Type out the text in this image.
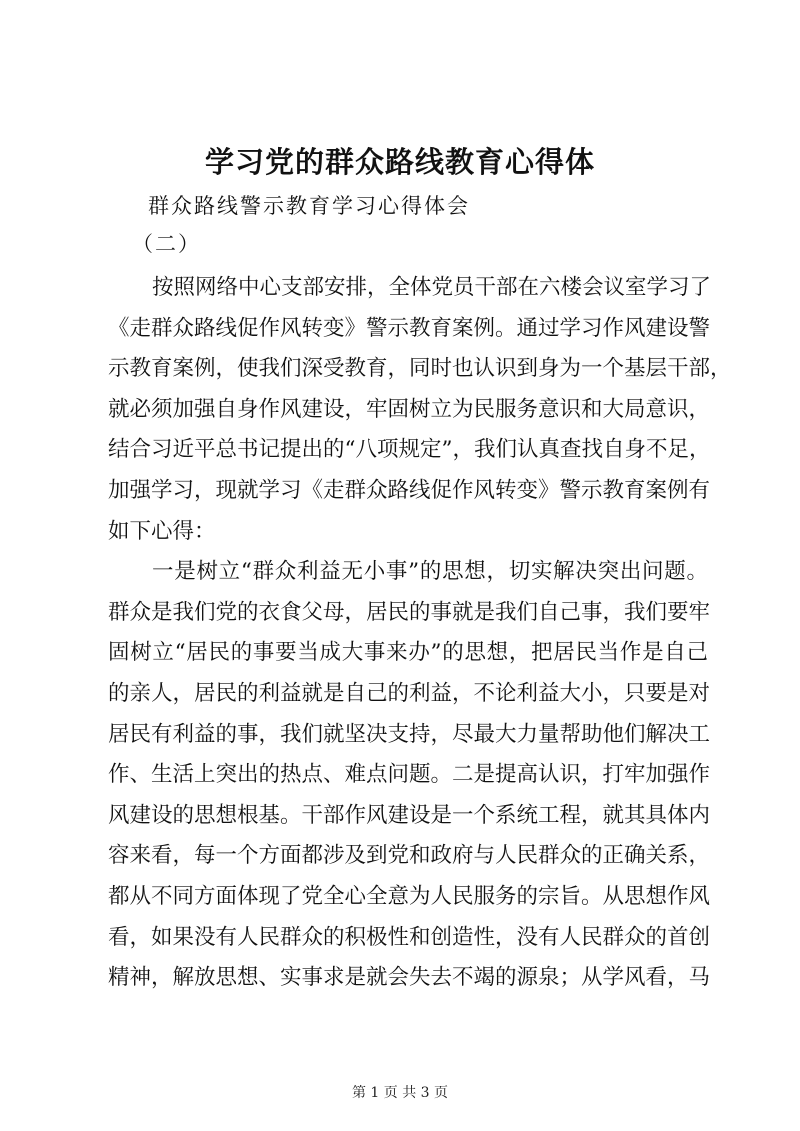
学习党的群众路线教育心得体
群众路线警示教育学习心得体会
（二）
按照网络中心支部安排，全体党员干部在六楼会议室学习了
《走群众路线促作风转变》警示教育案例。通过学习作风建设警
示教育案例，使我们深受教育，同时也认识到身为一个基层干部，
就必须加强自身作风建设，牢固树立为民服务意识和大局意识，
结合习近平总书记提出的“八项规定”，我们认真查找自身不足，
加强学习，现就学习《走群众路线促作风转变》警示教育案例有
如下心得：
一是树立“群众利益无小事”的思想，切实解决突出问题。
群众是我们党的衣食父母，居民的事就是我们自己事，我们要牢
固树立“居民的事要当成大事来办”的思想，把居民当作是自己
的亲人，居民的利益就是自己的利益，不论利益大小，只要是对
居民有利益的事，我们就坚决支持，尽最大力量帮助他们解决工
作、生活上突出的热点、难点问题。二是提高认识，打牢加强作
风建设的思想根基。干部作风建设是一个系统工程，就其具体内
容来看，每一个方面都涉及到党和政府与人民群众的正确关系，
都从不同方面体现了党全心全意为人民服务的宗旨。从思想作风
看，如果没有人民群众的积极性和创造性，没有人民群众的首创
精神，解放思想、实事求是就会失去不竭的源泉；从学风看，马
第 1 页 共 3 页
